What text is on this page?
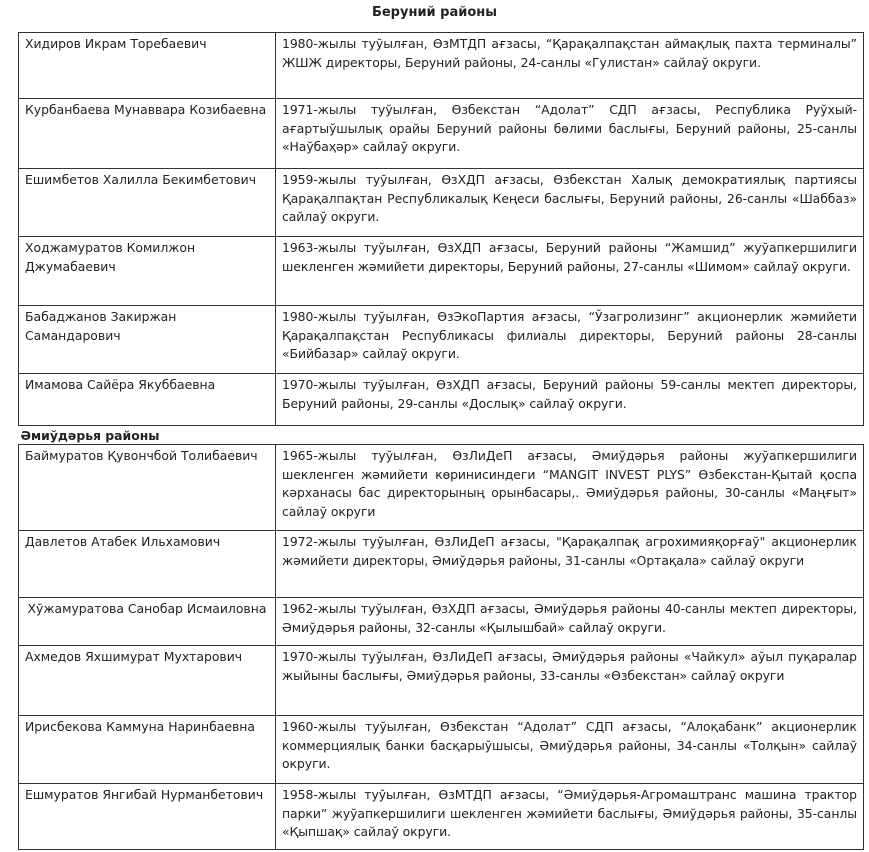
Беруний районы
Хидиров Икрам Торебаевич	1980-жылы туўылған, ӨзМТДП ағзасы, “Қарақалпақстан аймақлық пахта терминалы” ЖШЖ директоры, Беруний районы, 24-санлы «Гулистан» сайлаў округи.
Курбанбаева Мунаввара Козибаевна	1971-жылы туўылған, Өзбекстан “Адолат” СДП ағзасы, Республика Руўхый-ағартыўшылық орайы Беруний районы бөлими баслығы, Беруний районы, 25-санлы «Наўбаҳәр» сайлаў округи.
Ешимбетов Халилла Бекимбетович	1959-жылы туўылған, ӨзХДП ағзасы, Өзбекстан Халық демократиялық партиясы Қарақалпақтан Республикалық Кеңеси баслығы, Беруний районы, 26-санлы «Шаббаз» сайлаў округи.
Ходжамуратов Комилжон Джумабаевич	1963-жылы туўылған, ӨзХДП ағзасы, Беруний районы “Жамшид” жуўапкершилиги шекленген жәмийети директоры, Беруний районы, 27-санлы «Шимом» сайлаў округи.
Бабаджанов Закиржан Самандарович	1980-жылы туўылған, ӨзЭкоПартия ағзасы, “Ўзагролизинг” акционерлик жәмийети Қарақалпақстан Республикасы филиалы директоры, Беруний районы 28-санлы «Бийбазар» сайлаў округи.
Имамова Сайёра Якуббаевна	1970-жылы туўылған, ӨзХДП ағзасы, Беруний районы 59-санлы мектеп директоры, Беруний районы, 29-санлы «Дослық» сайлаў округи.
Әмиўдәрья районы	
Баймуратов Қувончбой Толибаевич	1965-жылы туўылған, ӨзЛиДеП ағзасы, Әмиўдәрья районы жуўапкершилиги шекленген жәмийети көринисиндеги “MANGIT INVEST PLYS” Өзбекстан-Қытай қоспа кәрханасы бас директорының орынбасары,. Әмиўдәрья районы, 30-санлы «Маңғыт» сайлаў округи
Давлетов Атабек Ильхамович	1972-жылы туўылған, ӨзЛиДеП ағзасы, "Қарақалпақ агрохимияқорғаў" акционерлик жәмийети директоры, Әмиўдәрья районы, 31-санлы «Ортақала» сайлаў округи
Хўжамуратова Санобар Исмаиловна	1962-жылы туўылған, ӨзХДП ағзасы, Әмиўдәрья районы 40-санлы мектеп директоры, Әмиўдәрья районы, 32-санлы «Қылышбай» сайлаў округи.
Ахмедов Яхшимурат Мухтарович	1970-жылы туўылған, ӨзЛиДеП ағзасы, Әмиўдәрья районы «Чайкул» аўыл пуқаралар жыйыны баслығы, Әмиўдәрья районы, 33-санлы «Өзбекстан» сайлаў округи
Ирисбекова Каммуна Наринбаевна	1960-жылы туўылған, Өзбекстан “Адолат” СДП ағзасы, “Алоқабанк” акционерлик коммерциялық банки басқарыўшысы, Әмиўдәрья районы, 34-санлы «Толқын» сайлаў округи.
Ешмуратов Янгибай Нурманбетович	1958-жылы туўылған, ӨзМТДП ағзасы, “Әмиўдәрья-Агромаштранс машина трактор парки” жуўапкершилиги шекленген жәмийети баслығы, Әмиўдәрья районы, 35-санлы «Қыпшақ» сайлаў округи.
